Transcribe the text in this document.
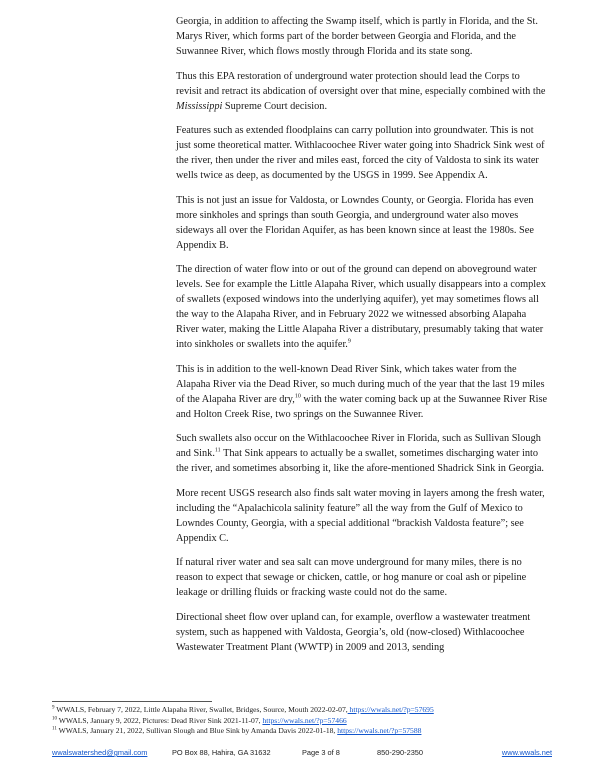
Georgia, in addition to affecting the Swamp itself, which is partly in Florida, and the St. Marys River, which forms part of the border between Georgia and Florida, and the Suwannee River, which flows mostly through Florida and its state song.

Thus this EPA restoration of underground water protection should lead the Corps to revisit and retract its abdication of oversight over that mine, especially combined with the Mississippi Supreme Court decision.

Features such as extended floodplains can carry pollution into groundwater. This is not just some theoretical matter. Withlacoochee River water going into Shadrick Sink west of the river, then under the river and miles east, forced the city of Valdosta to sink its water wells twice as deep, as documented by the USGS in 1999. See Appendix A.

This is not just an issue for Valdosta, or Lowndes County, or Georgia. Florida has even more sinkholes and springs than south Georgia, and underground water also moves sideways all over the Floridan Aquifer, as has been known since at least the 1980s. See Appendix B.

The direction of water flow into or out of the ground can depend on aboveground water levels. See for example the Little Alapaha River, which usually disappears into a complex of swallets (exposed windows into the underlying aquifer), yet may sometimes flows all the way to the Alapaha River, and in February 2022 we witnessed absorbing Alapaha River water, making the Little Alapaha River a distributary, presumably taking that water into sinkholes or swallets into the aquifer.$^9$

This is in addition to the well-known Dead River Sink, which takes water from the Alapaha River via the Dead River, so much during much of the year that the last 19 miles of the Alapaha River are dry,$^{10}$ with the water coming back up at the Suwannee River Rise and Holton Creek Rise, two springs on the Suwannee River.

Such swallets also occur on the Withlacoochee River in Florida, such as Sullivan Slough and Sink.$^{11}$ That Sink appears to actually be a swallet, sometimes discharging water into the river, and sometimes absorbing it, like the afore-mentioned Shadrick Sink in Georgia.

More recent USGS research also finds salt water moving in layers among the fresh water, including the “Apalachicola salinity feature” all the way from the Gulf of Mexico to Lowndes County, Georgia, with a special additional “brackish Valdosta feature”; see Appendix C.

If natural river water and sea salt can move underground for many miles, there is no reason to expect that sewage or chicken, cattle, or hog manure or coal ash or pipeline leakage or drilling fluids or fracking waste could not do the same.

Directional sheet flow over upland can, for example, overflow a wastewater treatment system, such as happened with Valdosta, Georgia’s, old (now-closed) Withlacoochee Wastewater Treatment Plant (WWTP) in 2009 and 2013, sending

$^9$ WWALS, February 7, 2022, Little Alapaha River, Swallet, Bridges, Source, Mouth 2022-02-07, https://wwals.net/?p=57695
$^{10}$ WWALS, January 9, 2022, Pictures: Dead River Sink 2021-11-07, https://wwals.net/?p=57466
$^{11}$ WWALS, January 21, 2022, Sullivan Slough and Blue Sink by Amanda Davis 2022-01-18, https://wwals.net/?p=57588
wwalswatershed@gmail.com	PO Box 88, Hahira, GA 31632	Page 3 of 8	850-290-2350	www.wwals.net
